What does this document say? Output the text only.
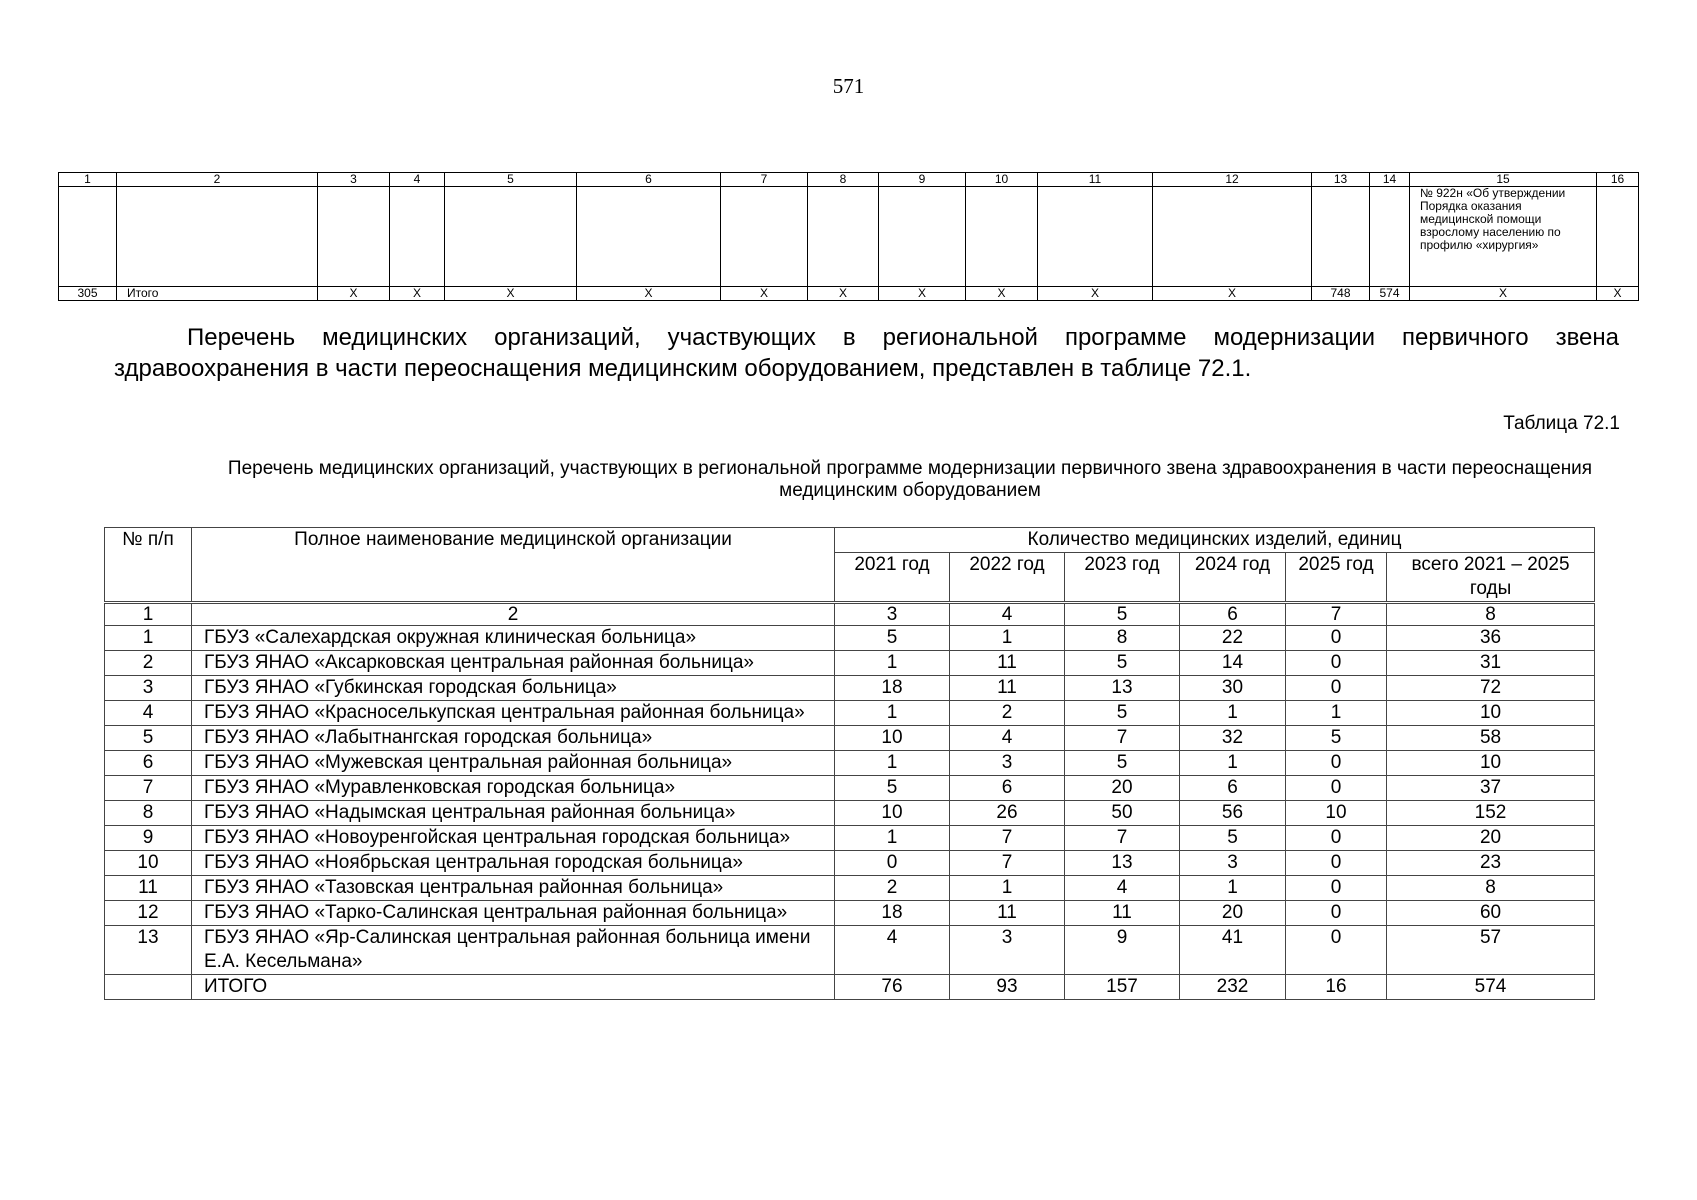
571
1	2	3	4	5	6	7	8	9	10	11	12	13	14	15	16
														№ 922н «Об утверждении Порядка оказания медицинской помощи взрослому населению по профилю «хирургия»	
305	Итого	X	X	X	X	X	X	X	X	X	X	748	574	X	X
Перечень медицинских организаций, участвующих в региональной программе модернизации первичного звена здравоохранения в части переоснащения медицинским оборудованием, представлен в таблице 72.1.
Таблица 72.1
Перечень медицинских организаций, участвующих в региональной программе модернизации первичного звена здравоохранения в части переоснащения медицинским оборудованием
№ п/п	Полное наименование медицинской организации	Количество медицинских изделий, единиц					
		2021 год	2022 год	2023 год	2024 год	2025 год	всего 2021 – 2025 годы
1	2	3	4	5	6	7	8
1	ГБУЗ «Салехардская окружная клиническая больница»	5	1	8	22	0	36
2	ГБУЗ ЯНАО «Аксарковская центральная районная больница»	1	11	5	14	0	31
3	ГБУЗ ЯНАО «Губкинская городская больница»	18	11	13	30	0	72
4	ГБУЗ ЯНАО «Красноселькупская центральная районная больница»	1	2	5	1	1	10
5	ГБУЗ ЯНАО «Лабытнангская городская больница»	10	4	7	32	5	58
6	ГБУЗ ЯНАО «Мужевская центральная районная больница»	1	3	5	1	0	10
7	ГБУЗ ЯНАО «Муравленковская городская больница»	5	6	20	6	0	37
8	ГБУЗ ЯНАО «Надымская центральная районная больница»	10	26	50	56	10	152
9	ГБУЗ ЯНАО «Новоуренгойская центральная городская больница»	1	7	7	5	0	20
10	ГБУЗ ЯНАО «Ноябрьская центральная городская больница»	0	7	13	3	0	23
11	ГБУЗ ЯНАО «Тазовская центральная районная больница»	2	1	4	1	0	8
12	ГБУЗ ЯНАО «Тарко-Салинская центральная районная больница»	18	11	11	20	0	60
13	ГБУЗ ЯНАО «Яр-Салинская центральная районная больница имени Е.А. Кесельмана»	4	3	9	41	0	57
	ИТОГО	76	93	157	232	16	574
